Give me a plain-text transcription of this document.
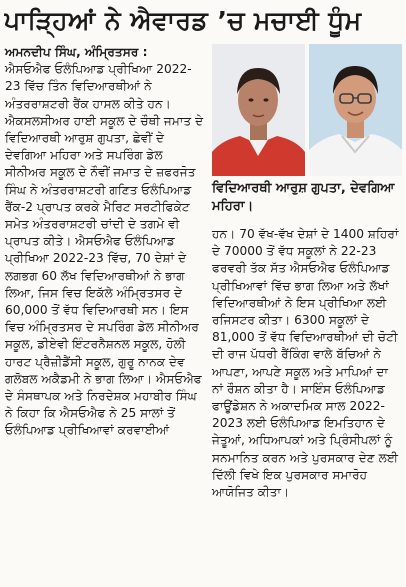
ਪਾੜ੍ਹਿਆਂ ਨੇ ਐਵਾਰਡ ’ਚ ਮਚਾਈ ਧੂੰਮ

ਅਮਨਦੀਪ ਸਿੰਘ, ਅੰਮ੍ਰਿਤਸਰ :

ਐਸਓਐਫ ਓਲੰਪਿਆਡ ਪ੍ਰੀਖਿਆ 2022-23 ਵਿੱਚ ਤਿੰਨ ਵਿਦਿਆਰਥੀਆਂ ਨੇ ਅੰਤਰਰਾਸ਼ਟਰੀ ਰੈਂਕ ਹਾਸਲ ਕੀਤੇ ਹਨ। ਐਕਸਲਸੀਅਰ ਹਾਈ ਸਕੂਲ ਦੇ ਚੌਥੀ ਜਮਾਤ ਦੇ ਵਿਦਿਆਰਥੀ ਆਰੁਸ਼ ਗੁਪਤਾ, ਛੇਵੀਂ ਦੇ ਦੇਵਗਿਆ ਮਹਿਰਾ ਅਤੇ ਸਪਰਿੰਗ ਡੇਲ ਸੀਨੀਅਰ ਸਕੂਲ ਦੇ ਨੌਵੀਂ ਜਮਾਤ ਦੇ ਜ਼ਫਰਜੋਤ ਸਿੰਘ ਨੇ ਅੰਤਰਰਾਸ਼ਟਰੀ ਗਣਿਤ ਓਲੰਪਿਆਡ ਰੈਂਕ-2 ਪ੍ਰਾਪਤ ਕਰਕੇ ਮੈਰਿਟ ਸਰਟੀਫਿਕੇਟ ਸਮੇਤ ਅੰਤਰਰਾਸ਼ਟਰੀ ਚਾਂਦੀ ਦੇ ਤਗਮੇ ਵੀ ਪ੍ਰਾਪਤ ਕੀਤੇ। ਐਸਓਐਫ ਓਲੰਪਿਆਡ ਪ੍ਰੀਖਿਆ 2022-23 ਵਿੱਚ, 70 ਦੇਸ਼ਾਂ ਦੇ ਲਗਭਗ 60 ਲੱਖ ਵਿਦਿਆਰਥੀਆਂ ਨੇ ਭਾਗ ਲਿਆ, ਜਿਸ ਵਿਚ ਇਕੱਲੇ ਅੰਮ੍ਰਿਤਸਰ ਦੇ 60,000 ਤੋਂ ਵੱਧ ਵਿਦਿਆਰਥੀ ਸਨ। ਇਸ ਵਿਚ ਅੰਮ੍ਰਿਤਸਰ ਦੇ ਸਪਰਿੰਗ ਡੇਲ ਸੀਨੀਅਰ ਸਕੂਲ, ਡੀਏਵੀ ਇੰਟਰਨੈਸ਼ਨਲ ਸਕੂਲ, ਹੋਲੀ ਹਾਰਟ ਪ੍ਰੈਜ਼ੀਡੈਂਸੀ ਸਕੂਲ, ਗੁਰੂ ਨਾਨਕ ਦੇਵ ਗਲੋਬਲ ਅਕੈਡਮੀ ਨੇ ਭਾਗ ਲਿਆ। ਐਸਓਐਫ ਦੇ ਸੰਸਥਾਪਕ ਅਤੇ ਨਿਰਦੇਸ਼ਕ ਮਹਾਬੀਰ ਸਿੰਘ ਨੇ ਕਿਹਾ ਕਿ ਐਸਓਐਫ ਨੇ 25 ਸਾਲਾਂ ਤੋਂ ਓਲੰਪਿਆਡ ਪ੍ਰੀਖਿਆਵਾਂ ਕਰਵਾਈਆਂ

ਵਿਦਿਆਰਥੀ ਆਰੁਸ਼ ਗੁਪਤਾ, ਦੇਵਗਿਆ ਮਹਿਰਾ।

ਹਨ। 70 ਵੱਖ-ਵੱਖ ਦੇਸ਼ਾਂ ਦੇ 1400 ਸ਼ਹਿਰਾਂ ਦੇ 70000 ਤੋਂ ਵੱਧ ਸਕੂਲਾਂ ਨੇ 22-23 ਫਰਵਰੀ ਤੱਕ ਸੱਤ ਐਸਓਐਫ ਓਲੰਪਿਆਡ ਪ੍ਰੀਖਿਆਵਾਂ ਵਿੱਚ ਭਾਗ ਲਿਆ ਅਤੇ ਲੱਖਾਂ ਵਿਦਿਆਰਥੀਆਂ ਨੇ ਇਸ ਪ੍ਰੀਖਿਆ ਲਈ ਰਜਿਸਟਰ ਕੀਤਾ। 6300 ਸਕੂਲਾਂ ਦੇ 81,000 ਤੋਂ ਵੱਧ ਵਿਦਿਆਰਥੀਆਂ ਦੀ ਚੋਟੀ ਦੀ ਰਾਜ ਪੱਧਰੀ ਰੈਂਕਿੰਗ ਵਾਲੇ ਬੱਚਿਆਂ ਨੇ ਆਪਣਾ, ਆਪਣੇ ਸਕੂਲ ਅਤੇ ਮਾਪਿਆਂ ਦਾ ਨਾਂ ਰੌਸ਼ਨ ਕੀਤਾ ਹੈ। ਸਾਇੰਸ ਓਲੰਪਿਆਡ ਫਾਊਂਡੇਸ਼ਨ ਨੇ ਅਕਾਦਮਿਕ ਸਾਲ 2022-2023 ਲਈ ਓਲੰਪਿਆਡ ਇਮਤਿਹਾਨ ਦੇ ਜੇਤੂਆਂ, ਅਧਿਆਪਕਾਂ ਅਤੇ ਪ੍ਰਿੰਸੀਪਲਾਂ ਨੂੰ ਸਨਮਾਨਿਤ ਕਰਨ ਅਤੇ ਪੁਰਸਕਾਰ ਦੇਣ ਲਈ ਦਿੱਲੀ ਵਿਖੇ ਇਕ ਪੁਰਸਕਾਰ ਸਮਾਰੋਹ ਆਯੋਜਿਤ ਕੀਤਾ।
